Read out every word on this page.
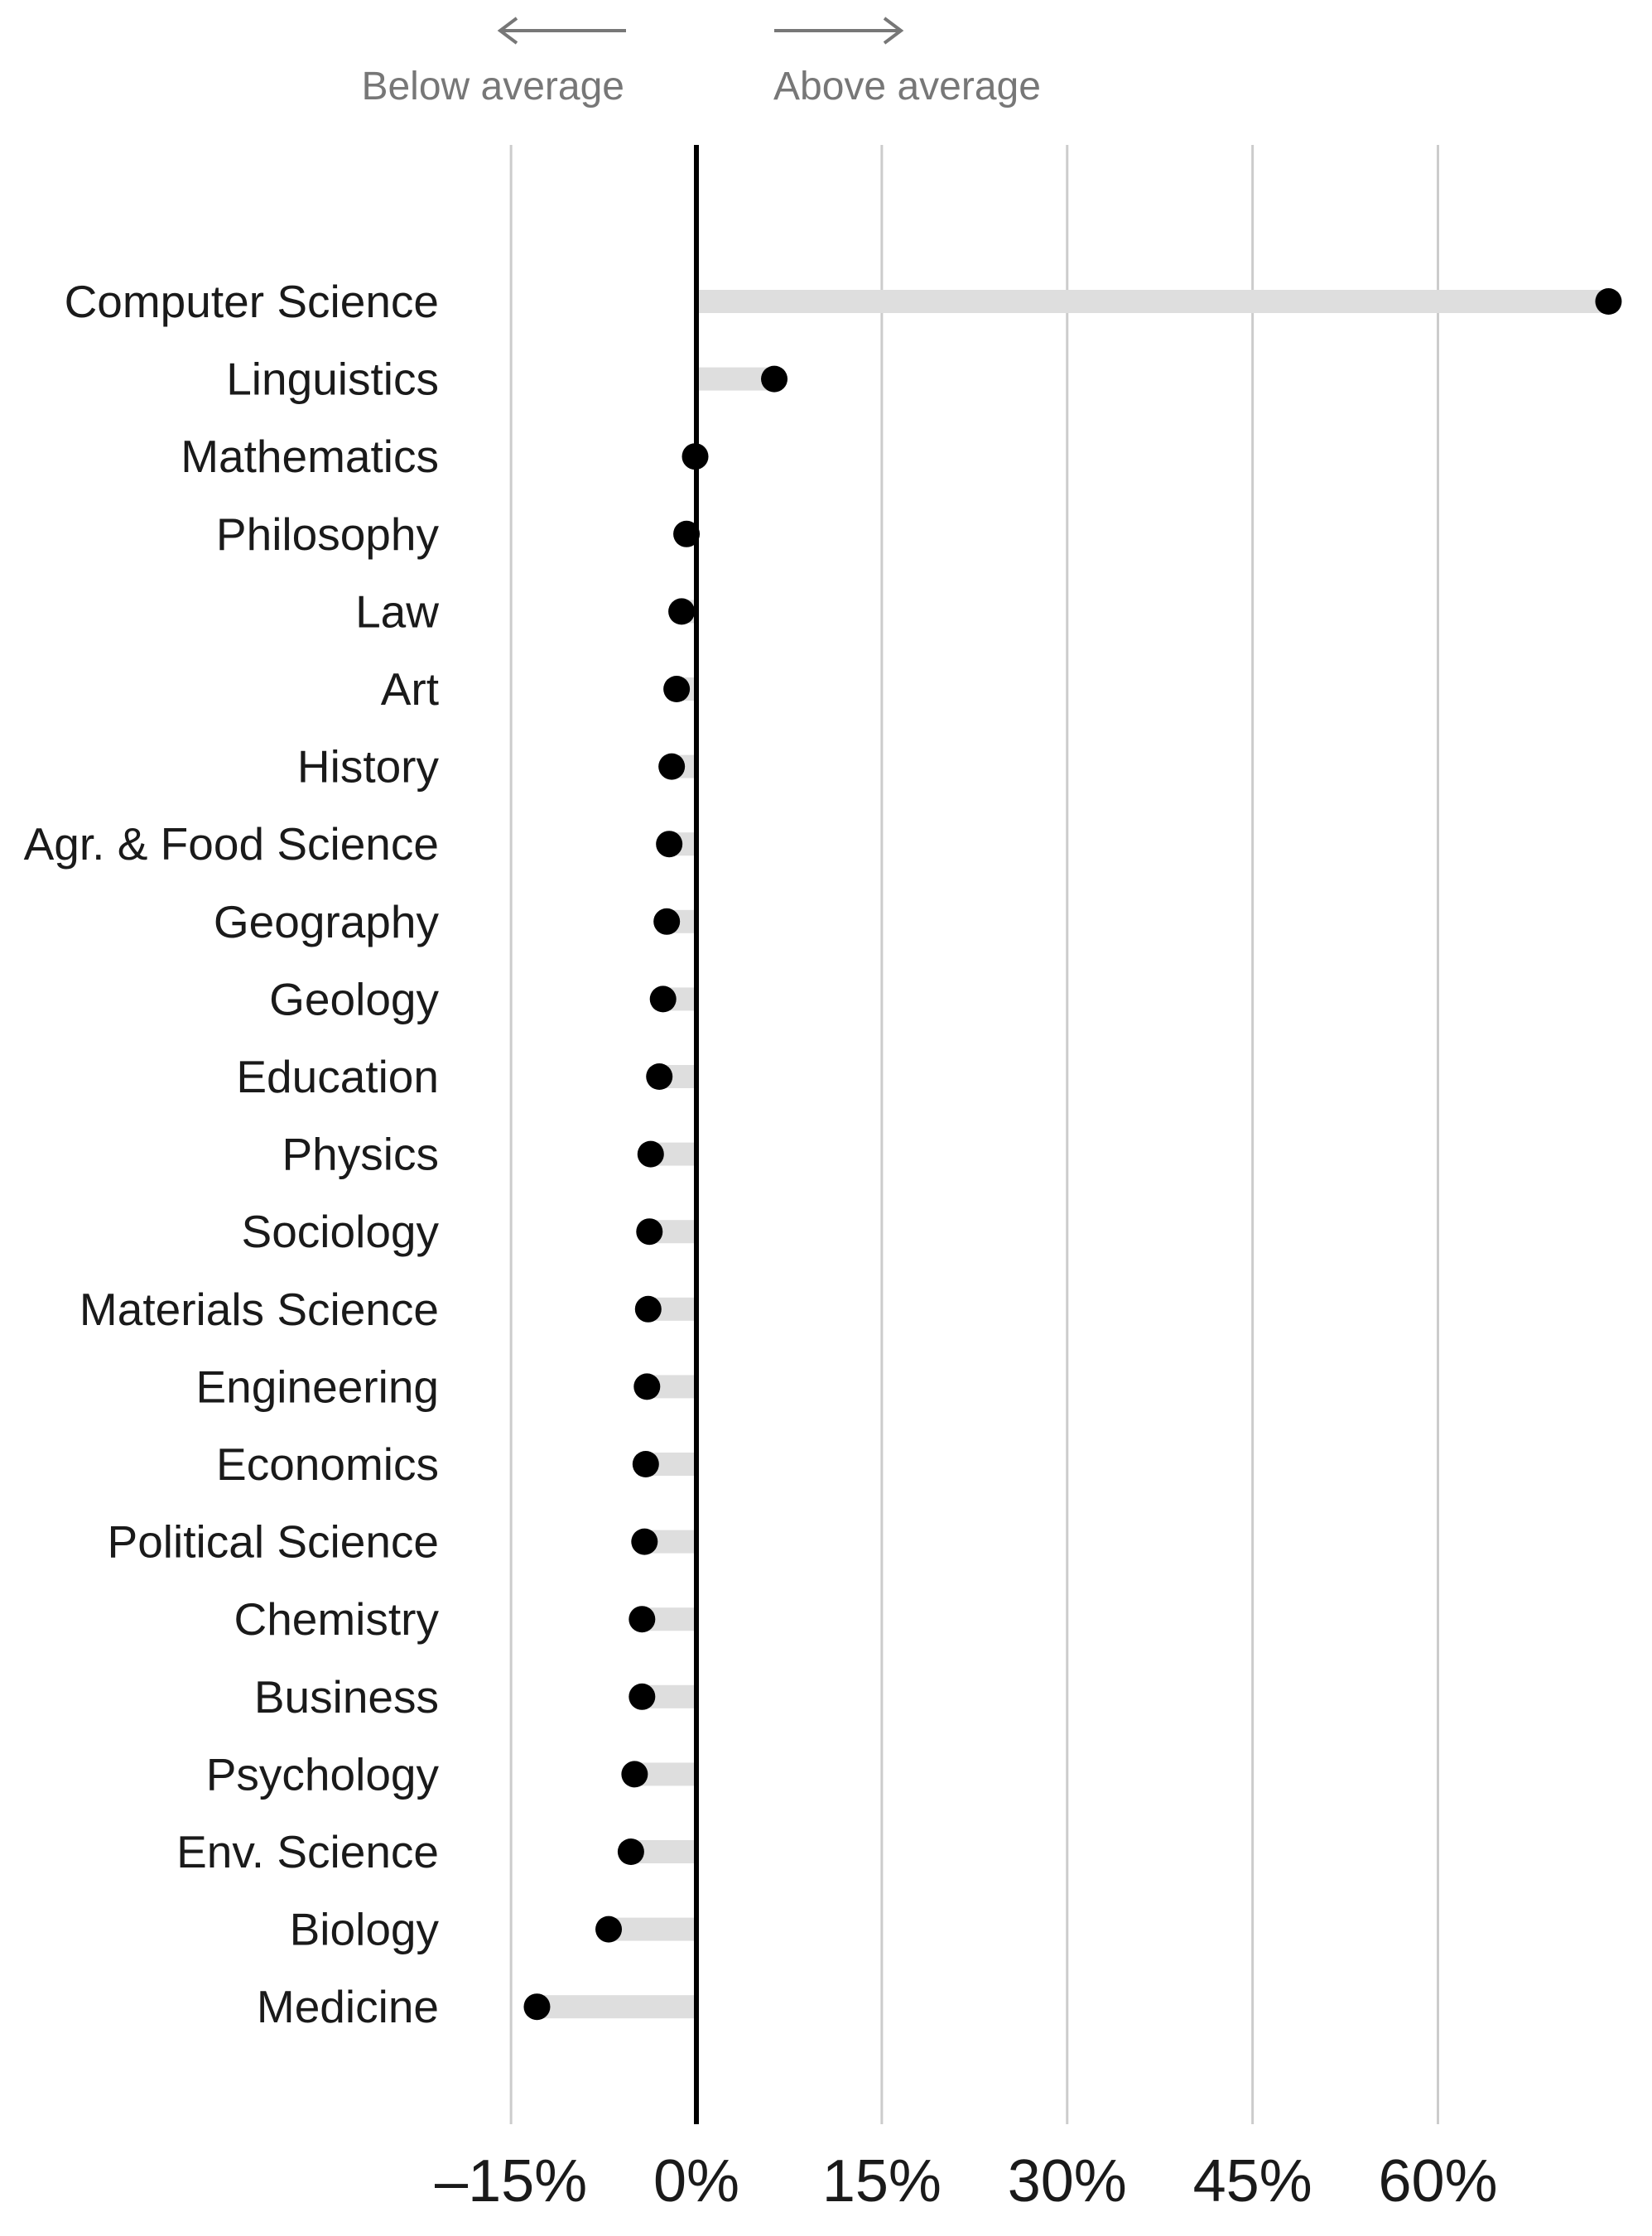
Computer Science
Linguistics
Mathematics
Philosophy
Law
Art
History
Agr. & Food Science
Geography
Geology
Education
Physics
Sociology
Materials Science
Engineering
Economics
Political Science
Chemistry
Business
Psychology
Env. Science
Biology
Medicine
–15% 0% 15% 30% 45% 60%
Below average	Above average
